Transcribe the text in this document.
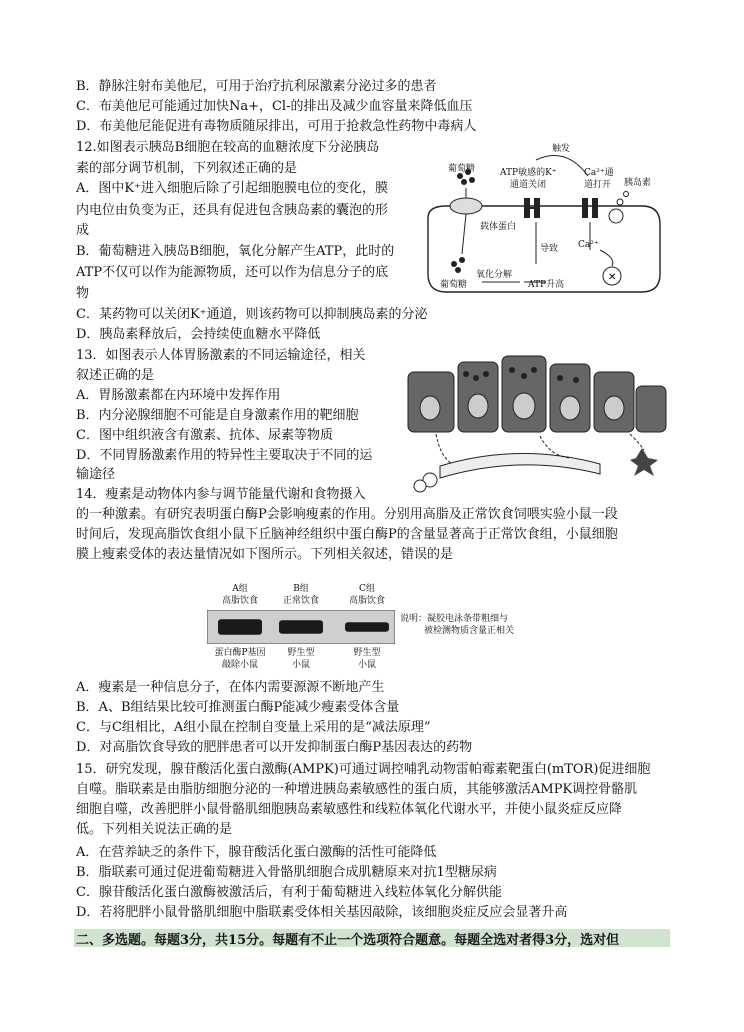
B．静脉注射布美他尼，可用于治疗抗利尿激素分泌过多的患者
C．布美他尼可能通过加快Na+，Cl-的排出及减少血容量来降低血压
D．布美他尼能促进有毒物质随尿排出，可用于抢救急性药物中毒病人
12.如图表示胰岛B细胞在较高的血糖浓度下分泌胰岛
素的部分调节机制，下列叙述正确的是
A．图中K⁺进入细胞后除了引起细胞膜电位的变化，膜
内电位由负变为正，还具有促进包含胰岛素的囊泡的形
成
B．葡萄糖进入胰岛B细胞，氧化分解产生ATP，此时的
ATP不仅可以作为能源物质，还可以作为信息分子的底
物
C．某药物可以关闭K⁺通道，则该药物可以抑制胰岛素的分泌
D．胰岛素释放后，会持续使血糖水平降低
13．如图表示人体胃肠激素的不同运输途径，相关
叙述正确的是
A．胃肠激素都在内环境中发挥作用
B．内分泌腺细胞不可能是自身激素作用的靶细胞
C．图中组织液含有激素、抗体、尿素等物质
D．不同胃肠激素作用的特异性主要取决于不同的运
输途径
14．瘦素是动物体内参与调节能量代谢和食物摄入
的一种激素。有研究表明蛋白酶P会影响瘦素的作用。分别用高脂及正常饮食饲喂实验小鼠一段
时间后，发现高脂饮食组小鼠下丘脑神经组织中蛋白酶P的含量显著高于正常饮食组，小鼠细胞
膜上瘦素受体的表达量情况如下图所示。下列相关叙述，错误的是
A．瘦素是一种信息分子，在体内需要源源不断地产生
B．A、B组结果比较可推测蛋白酶P能减少瘦素受体含量
C．与C组相比，A组小鼠在控制自变量上采用的是“减法原理”
D．对高脂饮食导致的肥胖患者可以开发抑制蛋白酶P基因表达的药物
15．研究发现，腺苷酸活化蛋白激酶(AMPK)可通过调控哺乳动物雷帕霉素靶蛋白(mTOR)促进细胞
自噬。脂联素是由脂肪细胞分泌的一种增进胰岛素敏感性的蛋白质，其能够激活AMPK调控骨骼肌
细胞自噬，改善肥胖小鼠骨骼肌细胞胰岛素敏感性和线粒体氧化代谢水平，并使小鼠炎症反应降
低。下列相关说法正确的是
A．在营养缺乏的条件下，腺苷酸活化蛋白激酶的活性可能降低
B．脂联素可通过促进葡萄糖进入骨骼肌细胞合成肌糖原来对抗1型糖尿病
C．腺苷酸活化蛋白激酶被激活后，有利于葡萄糖进入线粒体氧化分解供能
D．若将肥胖小鼠骨骼肌细胞中脂联素受体相关基因敲除，该细胞炎症反应会显著升高
✕
触发
葡萄糖	ATP敏感的K⁺
通道关闭
Ca²⁺通
道打开 胰岛素
载体蛋白
Ca²⁺
导致
葡萄糖
氧化分解
ATP升高
A组
高脂饮食
蛋白酶P基因
敲除小鼠
B组
正常饮食
野生型
小鼠
C组
高脂饮食
野生型
小鼠
说明：凝胶电泳条带粗细与
被检测物质含量正相关
二、多选题。每题3分，共15分。每题有不止一个选项符合题意。每题全选对者得3分，选对但
